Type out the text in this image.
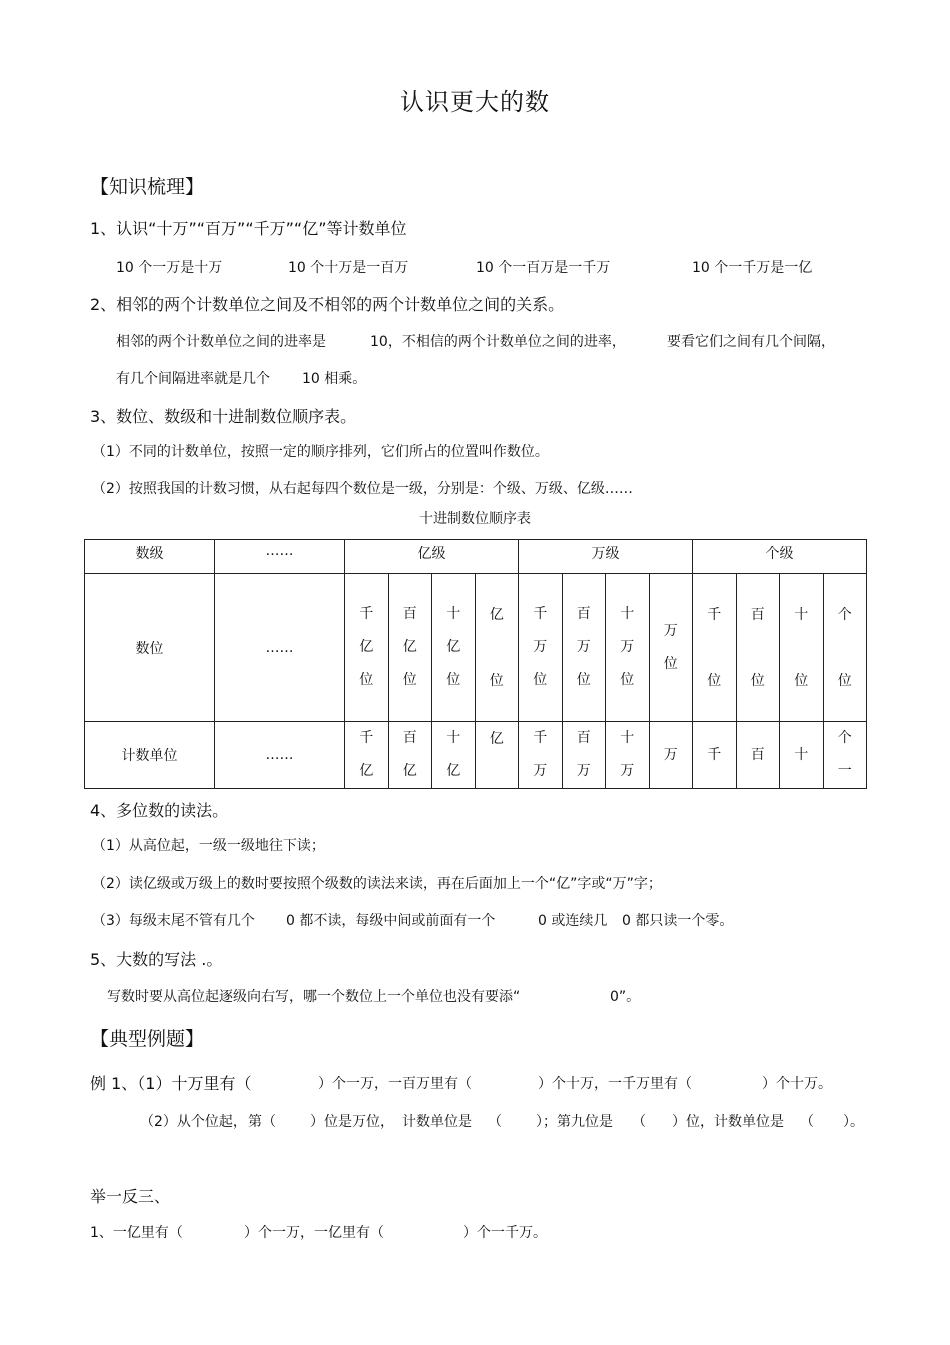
认识更大的数
【知识梳理】
1、认识“十万”“百万”“千万”“亿”等计数单位
10 个一万是十万	10 个十万是一百万	10 个一百万是一千万	10 个一千万是一亿
2、相邻的两个计数单位之间及不相邻的两个计数单位之间的关系。
相邻的两个计数单位之间的进率是	10，不相信的两个计数单位之间的进率，	要看它们之间有几个间隔，
有几个间隔进率就是几个 10 相乘。
3、数位、数级和十进制数位顺序表。
（1）不同的计数单位，按照一定的顺序排列，它们所占的位置叫作数位。
（2）按照我国的计数习惯，从右起每四个数位是一级，分别是：个级、万级、亿级……
十进制数位顺序表
数级	……	亿级				万级				个级			
数位	……	千亿位	百亿位	十亿位	亿位	千万位	百万位	十万位	万位	千位	百位	十位	个位
计数单位	……	千亿	百亿	十亿	亿	千万	百万	十万	万	千	百	十	个一
4、多位数的读法。
（1）从高位起，一级一级地往下读；
（2）读亿级或万级上的数时要按照个级数的读法来读，再在后面加上一个“亿”字或“万”字；
（3）每级末尾不管有几个 0 都不读，每级中间或前面有一个	0 或连续几 0 都只读一个零。
5、大数的写法 .。
写数时要从高位起逐级向右写，哪一个数位上一个单位也没有要添“	0”。
【典型例题】
例 1、（1）十万里有（	）个一万，一百万里有（	）个十万，一千万里有（	）个十万。
（2）从个位起， 第（ ）位是万位， 计数单位是 （ ）；第九位是 （ ）位，计数单位是 （ ）。
举一反三、
1、一亿里有（	）个一万，一亿里有（	）个一千万。
